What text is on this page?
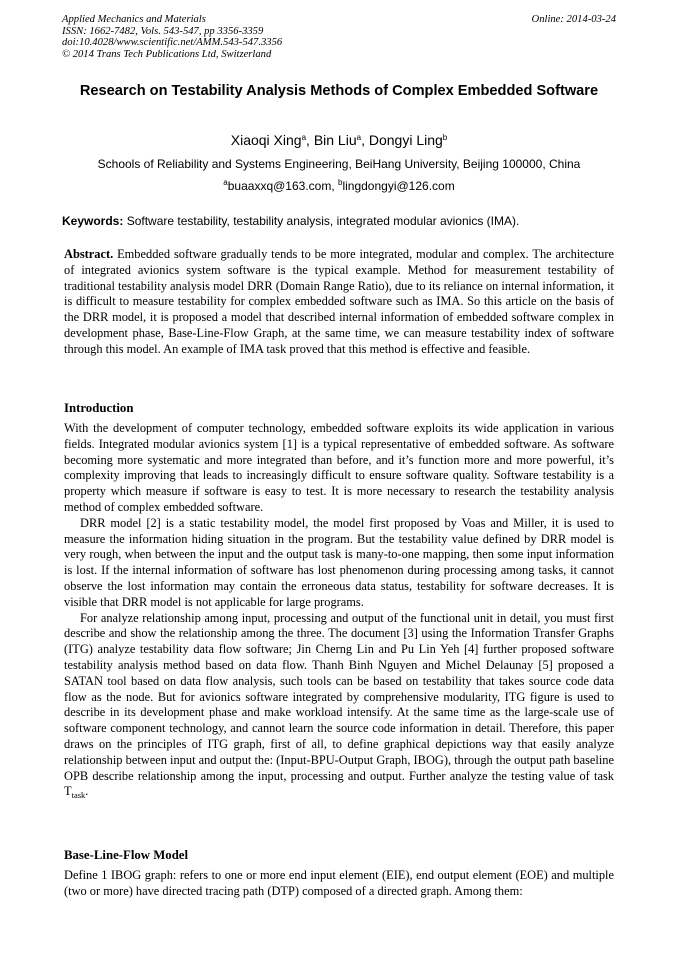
Applied Mechanics and Materials
ISSN: 1662-7482, Vols. 543-547, pp 3356-3359
doi:10.4028/www.scientific.net/AMM.543-547.3356
© 2014 Trans Tech Publications Ltd, Switzerland
Online: 2014-03-24
Research on Testability Analysis Methods of Complex Embedded Software
Xiaoqi Xing$^a$, Bin Liu$^a$, Dongyi Ling$^b$
Schools of Reliability and Systems Engineering, BeiHang University, Beijing 100000, China
$^a$buaaxxq@163.com, $^b$lingdongyi@126.com
Keywords: Software testability, testability analysis, integrated modular avionics (IMA).
Abstract. Embedded software gradually tends to be more integrated, modular and complex. The architecture of integrated avionics system software is the typical example. Method for measurement testability of traditional testability analysis model DRR (Domain Range Ratio), due to its reliance on internal information, it is difficult to measure testability for complex embedded software such as IMA. So this article on the basis of the DRR model, it is proposed a model that described internal information of embedded software complex in development phase, Base-Line-Flow Graph, at the same time, we can measure testability index of software through this model. An example of IMA task proved that this method is effective and feasible.
Introduction

With the development of computer technology, embedded software exploits its wide application in various fields. Integrated modular avionics system [1] is a typical representative of embedded software. As software becoming more systematic and more integrated than before, and it’s function more and more powerful, it’s complexity improving that leads to increasingly difficult to ensure software quality. Software testability is a property which measure if software is easy to test. It is more necessary to research the testability analysis method of complex embedded software.

DRR model [2] is a static testability model, the model first proposed by Voas and Miller, it is used to measure the information hiding situation in the program. But the testability value defined by DRR model is very rough, when between the input and the output task is many-to-one mapping, then some input information is lost. If the internal information of software has lost phenomenon during processing among tasks, it cannot observe the lost information may contain the erroneous data status, testability for software decreases. It is visible that DRR model is not applicable for large programs.

For analyze relationship among input, processing and output of the functional unit in detail, you must first describe and show the relationship among the three. The document [3] using the Information Transfer Graphs (ITG) analyze testability data flow software; Jin Cherng Lin and Pu Lin Yeh [4] further proposed software testability analysis method based on data flow. Thanh Binh Nguyen and Michel Delaunay [5] proposed a SATAN tool based on data flow analysis, such tools can be based on testability that takes source code data flow as the node. But for avionics software integrated by comprehensive modularity, ITG figure is used to describe in its development phase and make workload intensify. At the same time as the large-scale use of software component technology, and cannot learn the source code information in detail. Therefore, this paper draws on the principles of ITG graph, first of all, to define graphical depictions way that easily analyze relationship between input and output the: (Input-BPU-Output Graph, IBOG), through the output path baseline OPB describe relationship among the input, processing and output. Further analyze the testing value of task $T_{task}$.

Base-Line-Flow Model

Define 1 IBOG graph: refers to one or more end input element (EIE), end output element (EOE) and multiple (two or more) have directed tracing path (DTP) composed of a directed graph. Among them:
